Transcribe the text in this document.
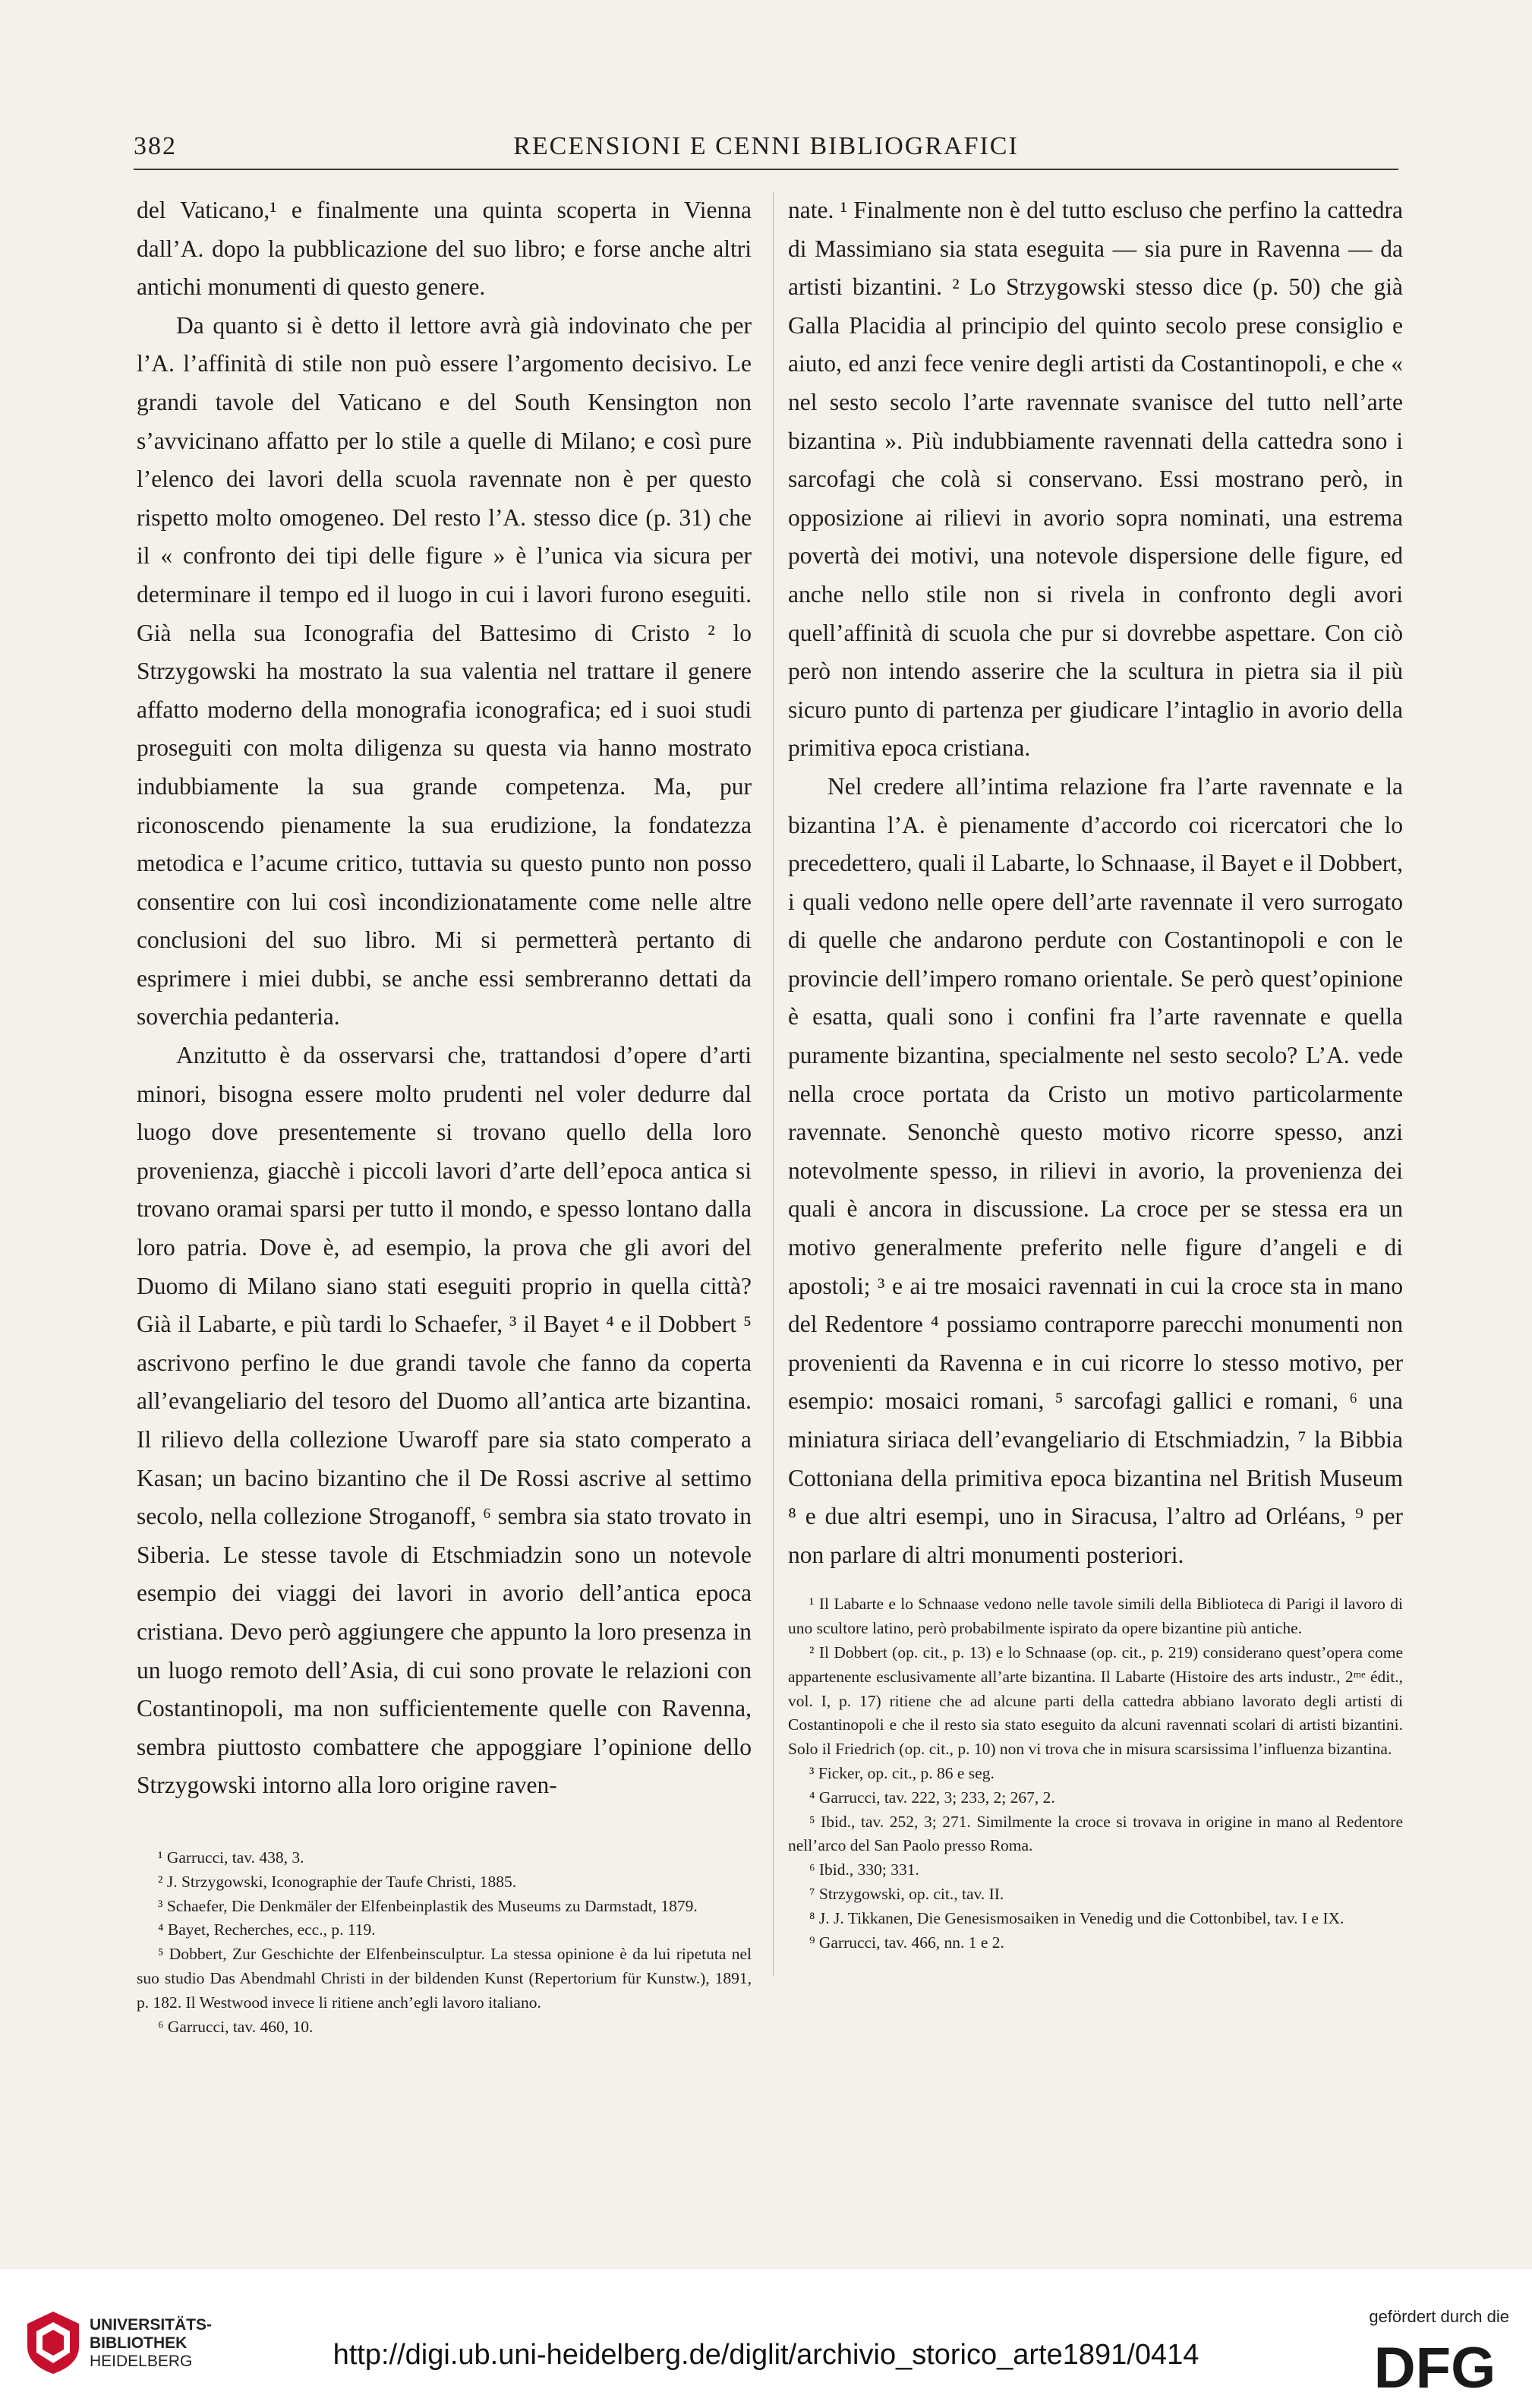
382	RECENSIONI E CENNI BIBLIOGRAFICI

del Vaticano,¹ e finalmente una quinta scoperta in Vienna dall’A. dopo la pubblicazione del suo libro; e forse anche altri antichi monumenti di questo genere.

Da quanto si è detto il lettore avrà già indovinato che per l’A. l’affinità di stile non può essere l’argomento decisivo. Le grandi tavole del Vaticano e del South Kensington non s’avvicinano affatto per lo stile a quelle di Milano; e così pure l’elenco dei lavori della scuola ravennate non è per questo rispetto molto omogeneo. Del resto l’A. stesso dice (p. 31) che il « confronto dei tipi delle figure » è l’unica via sicura per determinare il tempo ed il luogo in cui i lavori furono eseguiti. Già nella sua Iconografia del Battesimo di Cristo ² lo Strzygowski ha mostrato la sua valentia nel trattare il genere affatto moderno della monografia iconografica; ed i suoi studi proseguiti con molta diligenza su questa via hanno mostrato indubbiamente la sua grande competenza. Ma, pur riconoscendo pienamente la sua erudizione, la fondatezza metodica e l’acume critico, tuttavia su questo punto non posso consentire con lui così incondizionatamente come nelle altre conclusioni del suo libro. Mi si permetterà pertanto di esprimere i miei dubbi, se anche essi sembreranno dettati da soverchia pedanteria.

Anzitutto è da osservarsi che, trattandosi d’opere d’arti minori, bisogna essere molto prudenti nel voler dedurre dal luogo dove presentemente si trovano quello della loro provenienza, giacchè i piccoli lavori d’arte dell’epoca antica si trovano oramai sparsi per tutto il mondo, e spesso lontano dalla loro patria. Dove è, ad esempio, la prova che gli avori del Duomo di Milano siano stati eseguiti proprio in quella città? Già il Labarte, e più tardi lo Schaefer, ³ il Bayet ⁴ e il Dobbert ⁵ ascrivono perfino le due grandi tavole che fanno da coperta all’evangeliario del tesoro del Duomo all’antica arte bizantina. Il rilievo della collezione Uwaroff pare sia stato comperato a Kasan; un bacino bizantino che il De Rossi ascrive al settimo secolo, nella collezione Stroganoff, ⁶ sembra sia stato trovato in Siberia. Le stesse tavole di Etschmiadzin sono un notevole esempio dei viaggi dei lavori in avorio dell’antica epoca cristiana. Devo però aggiungere che appunto la loro presenza in un luogo remoto dell’Asia, di cui sono provate le relazioni con Costantinopoli, ma non sufficientemente quelle con Ravenna, sembra piuttosto combattere che appoggiare l’opinione dello Strzygowski intorno alla loro origine raven-

¹ Garrucci, tav. 438, 3.

² J. Strzygowski, Iconographie der Taufe Christi, 1885.

³ Schaefer, Die Denkmäler der Elfenbeinplastik des Museums zu Darmstadt, 1879.

⁴ Bayet, Recherches, ecc., p. 119.

⁵ Dobbert, Zur Geschichte der Elfenbeinsculptur. La stessa opinione è da lui ripetuta nel suo studio Das Abendmahl Christi in der bildenden Kunst (Repertorium für Kunstw.), 1891, p. 182. Il Westwood invece li ritiene anch’egli lavoro italiano.

⁶ Garrucci, tav. 460, 10.

nate. ¹ Finalmente non è del tutto escluso che perfino la cattedra di Massimiano sia stata eseguita — sia pure in Ravenna — da artisti bizantini. ² Lo Strzygowski stesso dice (p. 50) che già Galla Placidia al principio del quinto secolo prese consiglio e aiuto, ed anzi fece venire degli artisti da Costantinopoli, e che « nel sesto secolo l’arte ravennate svanisce del tutto nell’arte bizantina ». Più indubbiamente ravennati della cattedra sono i sarcofagi che colà si conservano. Essi mostrano però, in opposizione ai rilievi in avorio sopra nominati, una estrema povertà dei motivi, una notevole dispersione delle figure, ed anche nello stile non si rivela in confronto degli avori quell’affinità di scuola che pur si dovrebbe aspettare. Con ciò però non intendo asserire che la scultura in pietra sia il più sicuro punto di partenza per giudicare l’intaglio in avorio della primitiva epoca cristiana.

Nel credere all’intima relazione fra l’arte ravennate e la bizantina l’A. è pienamente d’accordo coi ricercatori che lo precedettero, quali il Labarte, lo Schnaase, il Bayet e il Dobbert, i quali vedono nelle opere dell’arte ravennate il vero surrogato di quelle che andarono perdute con Costantinopoli e con le provincie dell’impero romano orientale. Se però quest’opinione è esatta, quali sono i confini fra l’arte ravennate e quella puramente bizantina, specialmente nel sesto secolo? L’A. vede nella croce portata da Cristo un motivo particolarmente ravennate. Senonchè questo motivo ricorre spesso, anzi notevolmente spesso, in rilievi in avorio, la provenienza dei quali è ancora in discussione. La croce per se stessa era un motivo generalmente preferito nelle figure d’angeli e di apostoli; ³ e ai tre mosaici ravennati in cui la croce sta in mano del Redentore ⁴ possiamo contraporre parecchi monumenti non provenienti da Ravenna e in cui ricorre lo stesso motivo, per esempio: mosaici romani, ⁵ sarcofagi gallici e romani, ⁶ una miniatura siriaca dell’evangeliario di Etschmiadzin, ⁷ la Bibbia Cottoniana della primitiva epoca bizantina nel British Museum ⁸ e due altri esempi, uno in Siracusa, l’altro ad Orléans, ⁹ per non parlare di altri monumenti posteriori.

¹ Il Labarte e lo Schnaase vedono nelle tavole simili della Biblioteca di Parigi il lavoro di uno scultore latino, però probabilmente ispirato da opere bizantine più antiche.

² Il Dobbert (op. cit., p. 13) e lo Schnaase (op. cit., p. 219) considerano quest’opera come appartenente esclusivamente all’arte bizantina. Il Labarte (Histoire des arts industr., 2ᵐᵉ édit., vol. I, p. 17) ritiene che ad alcune parti della cattedra abbiano lavorato degli artisti di Costantinopoli e che il resto sia stato eseguito da alcuni ravennati scolari di artisti bizantini. Solo il Friedrich (op. cit., p. 10) non vi trova che in misura scarsissima l’influenza bizantina.

³ Ficker, op. cit., p. 86 e seg.

⁴ Garrucci, tav. 222, 3; 233, 2; 267, 2.

⁵ Ibid., tav. 252, 3; 271. Similmente la croce si trovava in origine in mano al Redentore nell’arco del San Paolo presso Roma.

⁶ Ibid., 330; 331.

⁷ Strzygowski, op. cit., tav. II.

⁸ J. J. Tikkanen, Die Genesismosaiken in Venedig und die Cottonbibel, tav. I e IX.

⁹ Garrucci, tav. 466, nn. 1 e 2.

UNIVERSITÄTS-
BIBLIOTHEK
HEIDELBERG	http://digi.ub.uni-heidelberg.de/diglit/archivio_storico_arte1891/0414
gefördert durch die
DFG
